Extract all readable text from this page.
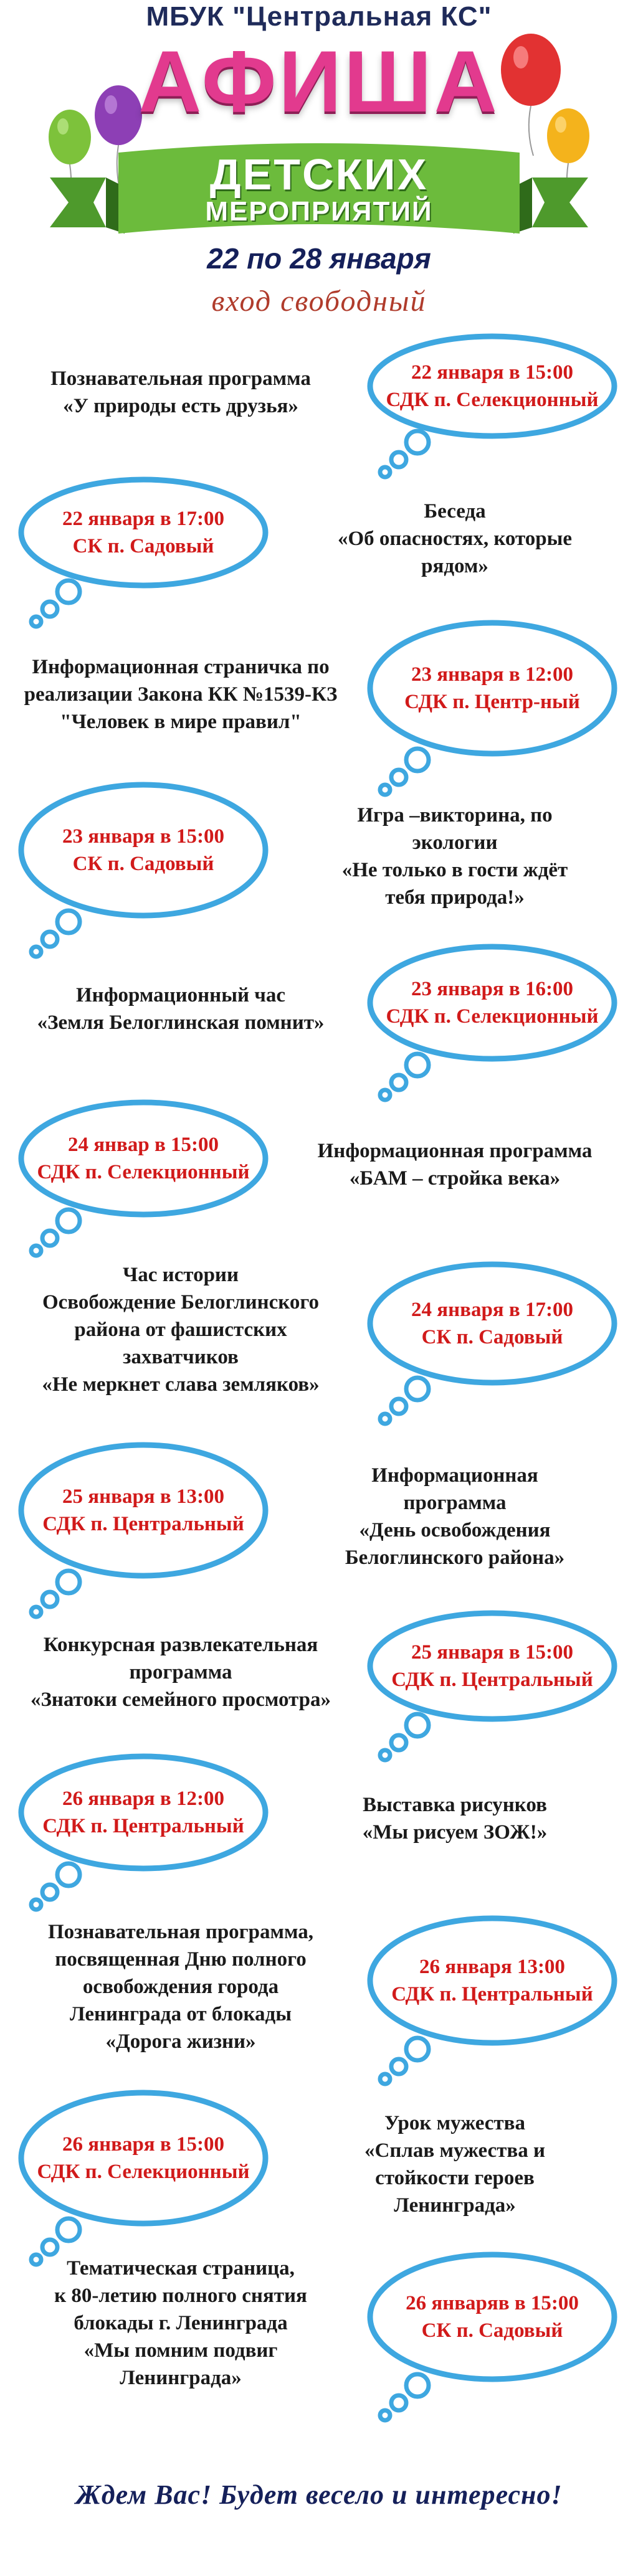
МБУК "Центральная КС"
АФИША
ДЕТСКИХ
МЕРОПРИЯТИЙ
22 по 28 января
вход свободный
22 января в 15:00
СДК п. Селекционный
Познавательная программа
«У природы есть друзья»
22 января в 17:00
СК п. Садовый
Беседа
«Об опасностях, которые
рядом»
23 января в 12:00
СДК п. Центр-ный
Информационная страничка по
реализации Закона КК №1539-КЗ
"Человек в мире правил"
23 января в 15:00
СК п. Садовый
Игра –викторина, по
экологии
«Не только в гости ждёт
тебя природа!»
23 января в 16:00
СДК п. Селекционный
Информационный час
«Земля Белоглинская помнит»
24 январ в 15:00
СДК п. Селекционный
Информационная программа
«БАМ – стройка века»
24 января в 17:00
СК п. Садовый
Час истории
Освобождение Белоглинского
района от фашистских
захватчиков
«Не меркнет слава земляков»
25 января в 13:00
СДК п. Центральный
Информационная
программа
«День освобождения
Белоглинского района»
25 января в 15:00
СДК п. Центральный
Конкурсная развлекательная
программа
«Знатоки семейного просмотра»
26 января в 12:00
СДК п. Центральный
Выставка рисунков
«Мы рисуем ЗОЖ!»
26 января 13:00
СДК п. Центральный
Познавательная программа,
посвященная Дню полного
освобождения города
Ленинграда от блокады
«Дорога жизни»
26 января в 15:00
СДК п. Селекционный
Урок мужества
«Сплав мужества и
стойкости героев
Ленинграда»
26 январяв в 15:00
СК п. Садовый
Тематическая страница,
к 80-летию полного снятия
блокады г. Ленинграда
«Мы помним подвиг
Ленинграда»
Ждем Вас! Будет весело и интересно!
